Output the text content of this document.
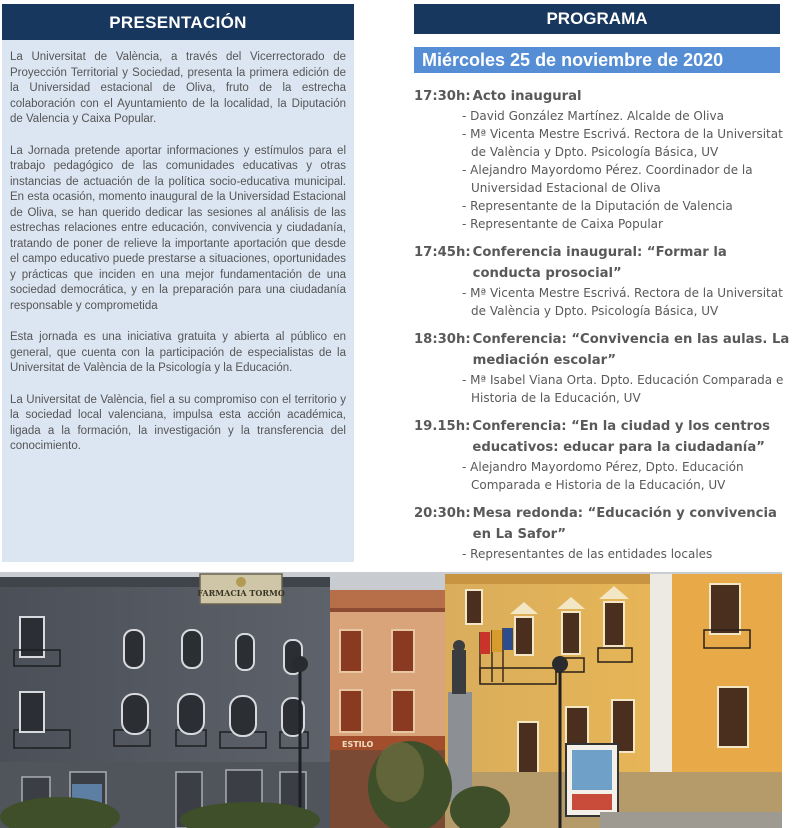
PRESENTACIÓN

La Universitat de València, a través del Vicerrectorado de Proyección Territorial y Sociedad, presenta la primera edición de la Universidad estacional de Oliva, fruto de la estrecha colaboración con el Ayuntamiento de la localidad, la Diputación de Valencia y Caixa Popular.

La Jornada pretende aportar informaciones y estímulos para el trabajo pedagógico de las comunidades educativas y otras instancias de actuación de la política socio-educativa municipal. En esta ocasión, momento inaugural de la Universidad Estacional de Oliva, se han querido dedicar las sesiones al análisis de las estrechas relaciones entre educación, convivencia y ciudadanía, tratando de poner de relieve la importante aportación que desde el campo educativo puede prestarse a situaciones, oportunidades y prácticas que inciden en una mejor fundamentación de una sociedad democrática, y en la preparación para una ciudadanía responsable y comprometida

Esta jornada es una iniciativa gratuita y abierta al público en general, que cuenta con la participación de especialistas de la Universitat de València de la Psicología y la Educación.

La Universitat de València, fiel a su compromiso con el territorio y la sociedad local valenciana, impulsa esta acción académica, ligada a la formación, la investigación y la transferencia del conocimiento.

PROGRAMA
Miércoles 25 de noviembre de 2020
17:30h: Acto inaugural
- David González Martínez. Alcalde de Oliva
- Mª Vicenta Mestre Escrivá. Rectora de la Universitat de València y Dpto. Psicología Básica, UV
- Alejandro Mayordomo Pérez. Coordinador de la Universidad Estacional de Oliva
- Representante de la Diputación de Valencia
- Representante de Caixa Popular
17:45h: Conferencia inaugural: “Formar la conducta prosocial”
- Mª Vicenta Mestre Escrivá. Rectora de la Universitat de València y Dpto. Psicología Básica, UV
18:30h: Conferencia: “Convivencia en las aulas. La mediación escolar”
- Mª Isabel Viana Orta. Dpto. Educación Comparada e Historia de la Educación, UV
19.15h: Conferencia: “En la ciudad y los centros educativos: educar para la ciudadanía”
- Alejandro Mayordomo Pérez, Dpto. Educación Comparada e Historia de la Educación, UV
20:30h: Mesa redonda: “Educación y convivencia en La Safor”
- Representantes de las entidades locales
FARMACIA TORMO
ESTILO
